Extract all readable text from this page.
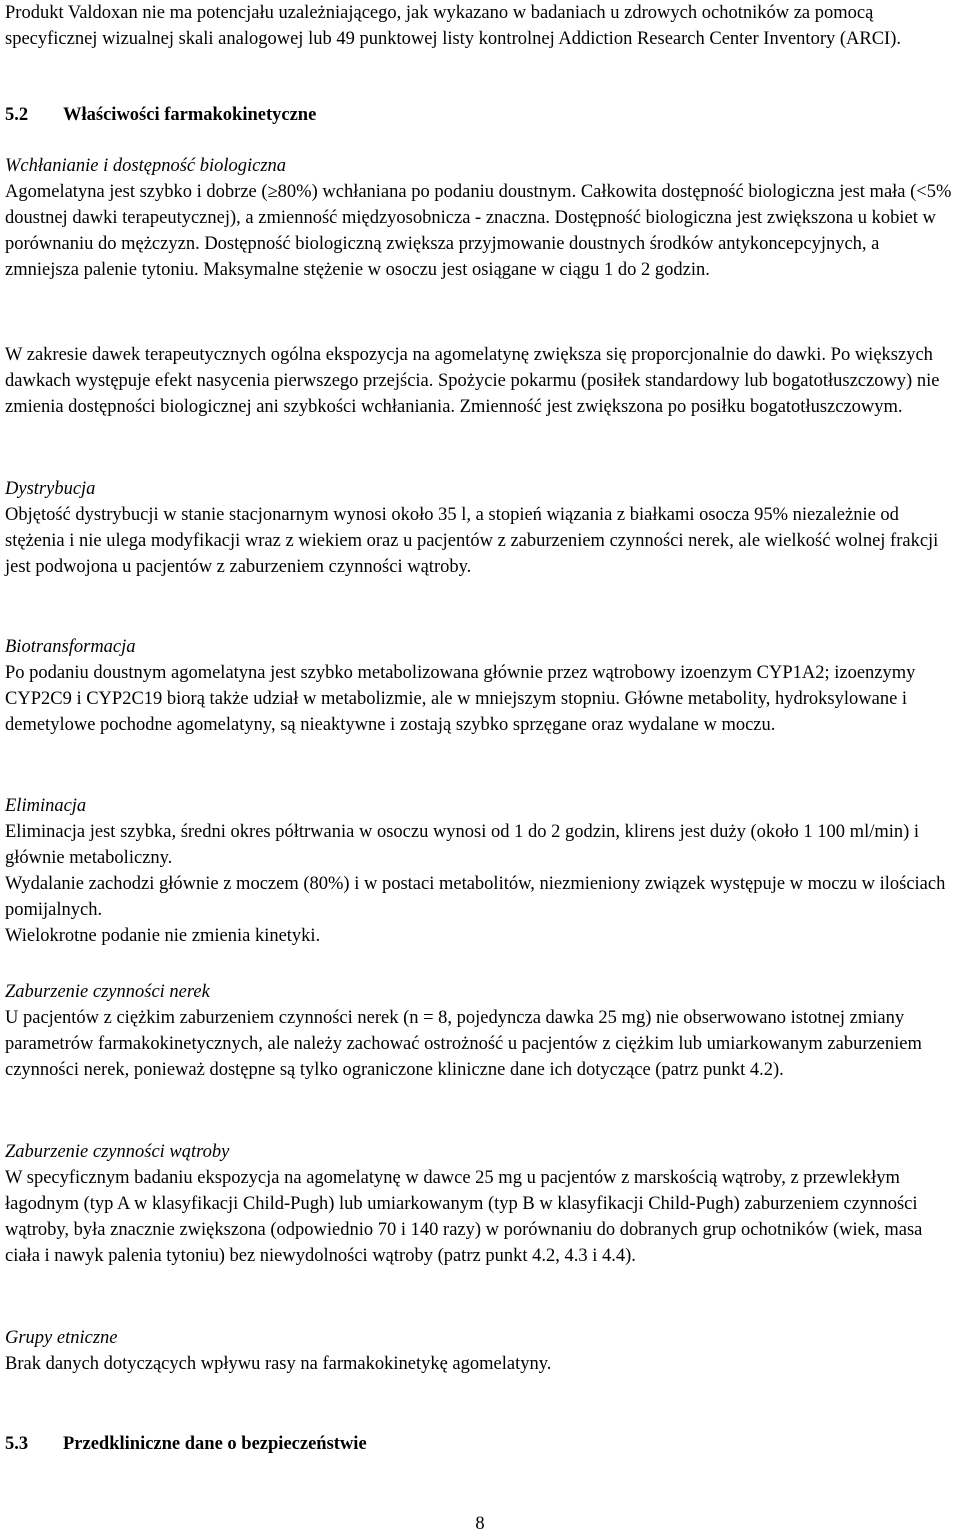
Produkt Valdoxan nie ma potencjału uzależniającego, jak wykazano w badaniach u zdrowych ochotników za pomocą specyficznej wizualnej skali analogowej lub 49 punktowej listy kontrolnej Addiction Research Center Inventory (ARCI).

5.2 Właściwości farmakokinetyczne

Wchłanianie i dostępność biologiczna

Agomelatyna jest szybko i dobrze (≥80%) wchłaniana po podaniu doustnym. Całkowita dostępność biologiczna jest mała (<5% doustnej dawki terapeutycznej), a zmienność międzyosobnicza - znaczna. Dostępność biologiczna jest zwiększona u kobiet w porównaniu do mężczyzn. Dostępność biologiczną zwiększa przyjmowanie doustnych środków antykoncepcyjnych, a zmniejsza palenie tytoniu. Maksymalne stężenie w osoczu jest osiągane w ciągu 1 do 2 godzin.

W zakresie dawek terapeutycznych ogólna ekspozycja na agomelatynę zwiększa się proporcjonalnie do dawki. Po większych dawkach występuje efekt nasycenia pierwszego przejścia. Spożycie pokarmu (posiłek standardowy lub bogatotłuszczowy) nie zmienia dostępności biologicznej ani szybkości wchłaniania. Zmienność jest zwiększona po posiłku bogatotłuszczowym.

Dystrybucja

Objętość dystrybucji w stanie stacjonarnym wynosi około 35 l, a stopień wiązania z białkami osocza 95% niezależnie od stężenia i nie ulega modyfikacji wraz z wiekiem oraz u pacjentów z zaburzeniem czynności nerek, ale wielkość wolnej frakcji jest podwojona u pacjentów z zaburzeniem czynności wątroby.

Biotransformacja

Po podaniu doustnym agomelatyna jest szybko metabolizowana głównie przez wątrobowy izoenzym CYP1A2; izoenzymy CYP2C9 i CYP2C19 biorą także udział w metabolizmie, ale w mniejszym stopniu. Główne metabolity, hydroksylowane i demetylowe pochodne agomelatyny, są nieaktywne i zostają szybko sprzęgane oraz wydalane w moczu.

Eliminacja

Eliminacja jest szybka, średni okres półtrwania w osoczu wynosi od 1 do 2 godzin, klirens jest duży (około 1 100 ml/min) i głównie metaboliczny.

Wydalanie zachodzi głównie z moczem (80%) i w postaci metabolitów, niezmieniony związek występuje w moczu w ilościach pomijalnych.

Wielokrotne podanie nie zmienia kinetyki.

Zaburzenie czynności nerek

U pacjentów z ciężkim zaburzeniem czynności nerek (n = 8, pojedyncza dawka 25 mg) nie obserwowano istotnej zmiany parametrów farmakokinetycznych, ale należy zachować ostrożność u pacjentów z ciężkim lub umiarkowanym zaburzeniem czynności nerek, ponieważ dostępne są tylko ograniczone kliniczne dane ich dotyczące (patrz punkt 4.2).

Zaburzenie czynności wątroby

W specyficznym badaniu ekspozycja na agomelatynę w dawce 25 mg u pacjentów z marskością wątroby, z przewlekłym łagodnym (typ A w klasyfikacji Child-Pugh) lub umiarkowanym (typ B w klasyfikacji Child-Pugh) zaburzeniem czynności wątroby, była znacznie zwiększona (odpowiednio 70 i 140 razy) w porównaniu do dobranych grup ochotników (wiek, masa ciała i nawyk palenia tytoniu) bez niewydolności wątroby (patrz punkt 4.2, 4.3 i 4.4).

Grupy etniczne

Brak danych dotyczących wpływu rasy na farmakokinetykę agomelatyny.

5.3 Przedkliniczne dane o bezpieczeństwie
8
